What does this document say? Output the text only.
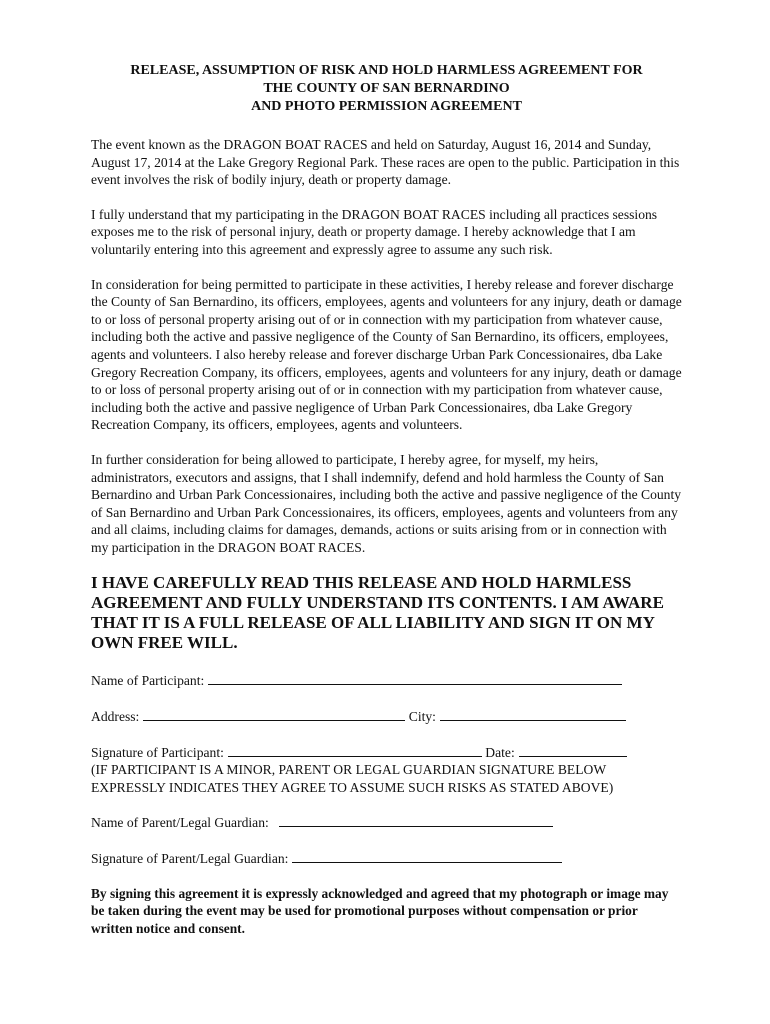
RELEASE, ASSUMPTION OF RISK AND HOLD HARMLESS AGREEMENT FOR
THE COUNTY OF SAN BERNARDINO
AND PHOTO PERMISSION AGREEMENT

The event known as the DRAGON BOAT RACES and held on Saturday, August 16, 2014 and Sunday, August 17, 2014 at the Lake Gregory Regional Park. These races are open to the public. Participation in this event involves the risk of bodily injury, death or property damage.

I fully understand that my participating in the DRAGON BOAT RACES including all practices sessions exposes me to the risk of personal injury, death or property damage. I hereby acknowledge that I am voluntarily entering into this agreement and expressly agree to assume any such risk.

In consideration for being permitted to participate in these activities, I hereby release and forever discharge the County of San Bernardino, its officers, employees, agents and volunteers for any injury, death or damage to or loss of personal property arising out of or in connection with my participation from whatever cause, including both the active and passive negligence of the County of San Bernardino, its officers, employees, agents and volunteers. I also hereby release and forever discharge Urban Park Concessionaires, dba Lake Gregory Recreation Company, its officers, employees, agents and volunteers for any injury, death or damage to or loss of personal property arising out of or in connection with my participation from whatever cause, including both the active and passive negligence of Urban Park Concessionaires, dba Lake Gregory Recreation Company, its officers, employees, agents and volunteers.

In further consideration for being allowed to participate, I hereby agree, for myself, my heirs, administrators, executors and assigns, that I shall indemnify, defend and hold harmless the County of San Bernardino and Urban Park Concessionaires, including both the active and passive negligence of the County of San Bernardino and Urban Park Concessionaires, its officers, employees, agents and volunteers from any and all claims, including claims for damages, demands, actions or suits arising from or in connection with my participation in the DRAGON BOAT RACES.

I HAVE CAREFULLY READ THIS RELEASE AND HOLD HARMLESS AGREEMENT AND FULLY UNDERSTAND ITS CONTENTS. I AM AWARE THAT IT IS A FULL RELEASE OF ALL LIABILITY AND SIGN IT ON MY OWN FREE WILL.
Name of Participant:
Address:	City:
Signature of Participant:	Date:
(IF PARTICIPANT IS A MINOR, PARENT OR LEGAL GUARDIAN SIGNATURE BELOW
EXPRESSLY INDICATES THEY AGREE TO ASSUME SUCH RISKS AS STATED ABOVE)
Name of Parent/Legal Guardian:
Signature of Parent/Legal Guardian:
By signing this agreement it is expressly acknowledged and agreed that my photograph or image may be taken during the event may be used for promotional purposes without compensation or prior written notice and consent.
